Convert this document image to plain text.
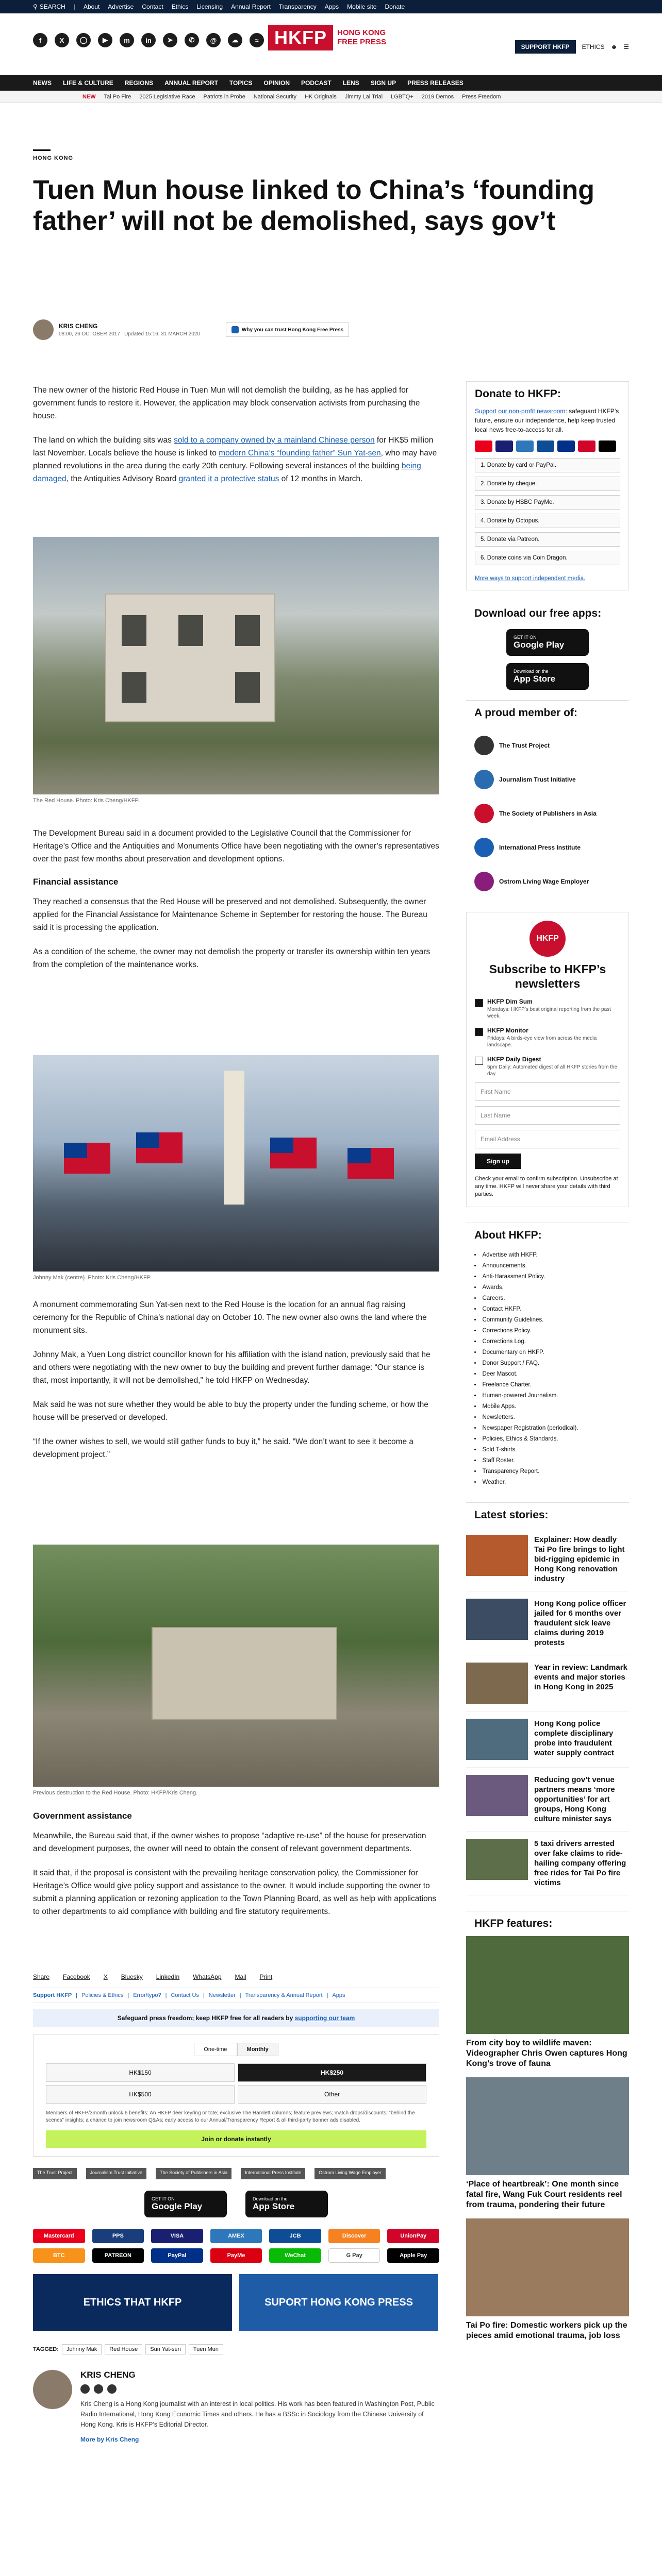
⚲ SEARCH | About Advertise Contact Ethics Licensing Annual Report Transparency Apps Mobile site Donate
f	X	◯	▶	m	in	➤	✆	@	☁	≈ HKFP	HONG KONG
FREE PRESS
SUPPORT HKFP	ETHICS ☻ ☰
NEWS LIFE & CULTURE REGIONS ANNUAL REPORT TOPICS OPINION PODCAST LENS SIGN UP PRESS RELEASES
NEW Tai Po Fire 2025 Legislative Race Patriots in Probe National Security HK Originals Jimmy Lai Trial LGBTQ+ 2019 Demos Press Freedom
HONG KONG
Tuen Mun house linked to China’s ‘founding father’ will not be demolished, says gov’t
KRIS CHENG
08:00, 26 OCTOBER 2017 Updated 15:16, 31 MARCH 2020
Why you can trust Hong Kong Free Press

The new owner of the historic Red House in Tuen Mun will not demolish the building, as he has applied for government funds to restore it. However, the application may block conservation activists from purchasing the house.

The land on which the building sits was sold to a company owned by a mainland Chinese person for HK$5 million last November. Locals believe the house is linked to modern China’s “founding father” Sun Yat-sen, who may have planned revolutions in the area during the early 20th century. Following several instances of the building being damaged, the Antiquities Advisory Board granted it a protective status of 12 months in March.

The Red House. Photo: Kris Cheng/HKFP.

The Development Bureau said in a document provided to the Legislative Council that the Commissioner for Heritage’s Office and the Antiquities and Monuments Office have been negotiating with the owner’s representatives over the past few months about preservation and development options.

Financial assistance

They reached a consensus that the Red House will be preserved and not demolished. Subsequently, the owner applied for the Financial Assistance for Maintenance Scheme in September for restoring the house. The Bureau said it is processing the application.

As a condition of the scheme, the owner may not demolish the property or transfer its ownership within ten years from the completion of the maintenance works.

Johnny Mak (centre). Photo: Kris Cheng/HKFP.

A monument commemorating Sun Yat-sen next to the Red House is the location for an annual flag raising ceremony for the Republic of China’s national day on October 10. The new owner also owns the land where the monument sits.

Johnny Mak, a Yuen Long district councillor known for his affiliation with the island nation, previously said that he and others were negotiating with the new owner to buy the building and prevent further damage: “Our stance is that, most importantly, it will not be demolished,” he told HKFP on Wednesday.

Mak said he was not sure whether they would be able to buy the property under the funding scheme, or how the house will be preserved or developed.

“If the owner wishes to sell, we would still gather funds to buy it,” he said. “We don’t want to see it become a development project.”

Previous destruction to the Red House. Photo: HKFP/Kris Cheng.
Government assistance

Meanwhile, the Bureau said that, if the owner wishes to propose “adaptive re-use” of the house for preservation and development purposes, the owner will need to obtain the consent of relevant government departments.

It said that, if the proposal is consistent with the prevailing heritage conservation policy, the Commissioner for Heritage’s Office would give policy support and assistance to the owner. It would include supporting the owner to submit a planning application or rezoning application to the Town Planning Board, as well as help with applications to other departments to aid compliance with building and fire statutory requirements.

Share Facebook X Bluesky LinkedIn WhatsApp Mail Print
Support HKFP | Policies & Ethics | Error/typo? | Contact Us | Newsletter | Transparency & Annual Report | Apps
Safeguard press freedom; keep HKFP free for all readers by supporting our team
One-time	Monthly
HK$150	HK$250
HK$500	Other
Members of HKFP/3month unlock 6 benefits: An HKFP deer keyring or tote; exclusive The Hamlett columns; feature previews; match drops/discounts; “behind the scenes” insights; a chance to join newsroom Q&As; early access to our Annual/Transparency Report & all third-party banner ads disabled.
Join or donate instantly
The Trust Project	Journalism Trust Initiative	The Society of Publishers in Asia	International Press Institute	Ostrom Living Wage Employer
GET IT ON
Google Play
Download on the
App Store
Mastercard	PPS	VISA	AMEX	JCB	Discover	UnionPay
BTC	PATREON	PayPal	PayMe	WeChat	G Pay	Apple Pay
ETHICS THAT HKFP	SUPORT HONG KONG PRESS
TAGGED:	Johnny Mak	Red House	Sun Yat-sen	Tuen Mun
KRIS CHENG
Kris Cheng is a Hong Kong journalist with an interest in local politics. His work has been featured in Washington Post, Public Radio International, Hong Kong Economic Times and others. He has a BSSc in Sociology from the Chinese University of Hong Kong. Kris is HKFP’s Editorial Director.
More by Kris Cheng
Donate to HKFP:
Support our non-profit newsroom: safeguard HKFP’s future, ensure our independence, help keep trusted local news free-to-access for all.
1. Donate by card or PayPal.
2. Donate by cheque.
3. Donate by HSBC PayMe.
4. Donate by Octopus.
5. Donate via Patreon.
6. Donate coins via Coin Dragon.
More ways to support independent media.
Download our free apps:
GET IT ON
Google Play
Download on the
App Store
A proud member of:
The Trust Project
Journalism Trust Initiative
The Society of Publishers in Asia
International Press Institute
Ostrom Living Wage Employer
HKFP
Subscribe to HKFP’s newsletters
HKFP Dim Sum
Mondays: HKFP’s best original reporting from the past week.
HKFP Monitor
Fridays: A birds-eye view from across the media landscape.
HKFP Daily Digest
5pm Daily: Automated digest of all HKFP stories from the day.
First Name
Last Name
Email Address
Sign up
Check your email to confirm subscription. Unsubscribe at any time. HKFP will never share your details with third parties.
About HKFP:
• Advertise with HKFP.
• Announcements.
• Anti-Harassment Policy.
• Awards.
• Careers.
• Contact HKFP.
• Community Guidelines.
• Corrections Policy.
• Corrections Log.
• Documentary on HKFP.
• Donor Support / FAQ.
• Deer Mascot.
• Freelance Charter.
• Human-powered Journalism.
• Mobile Apps.
• Newsletters.
• Newspaper Registration (periodical).
• Policies, Ethics & Standards.
• Sold T-shirts.
• Staff Roster.
• Transparency Report.
• Weather.
Latest stories:
Explainer: How deadly Tai Po fire brings to light bid-rigging epidemic in Hong Kong renovation industry
Hong Kong police officer jailed for 6 months over fraudulent sick leave claims during 2019 protests
Year in review: Landmark events and major stories in Hong Kong in 2025
Hong Kong police complete disciplinary probe into fraudulent water supply contract
Reducing gov’t venue partners means ‘more opportunities’ for art groups, Hong Kong culture minister says
5 taxi drivers arrested over fake claims to ride-hailing company offering free rides for Tai Po fire victims
HKFP features:
From city boy to wildlife maven: Videographer Chris Owen captures Hong Kong’s trove of fauna
‘Place of heartbreak’: One month since fatal fire, Wang Fuk Court residents reel from trauma, pondering their future
Tai Po fire: Domestic workers pick up the pieces amid emotional trauma, job loss
